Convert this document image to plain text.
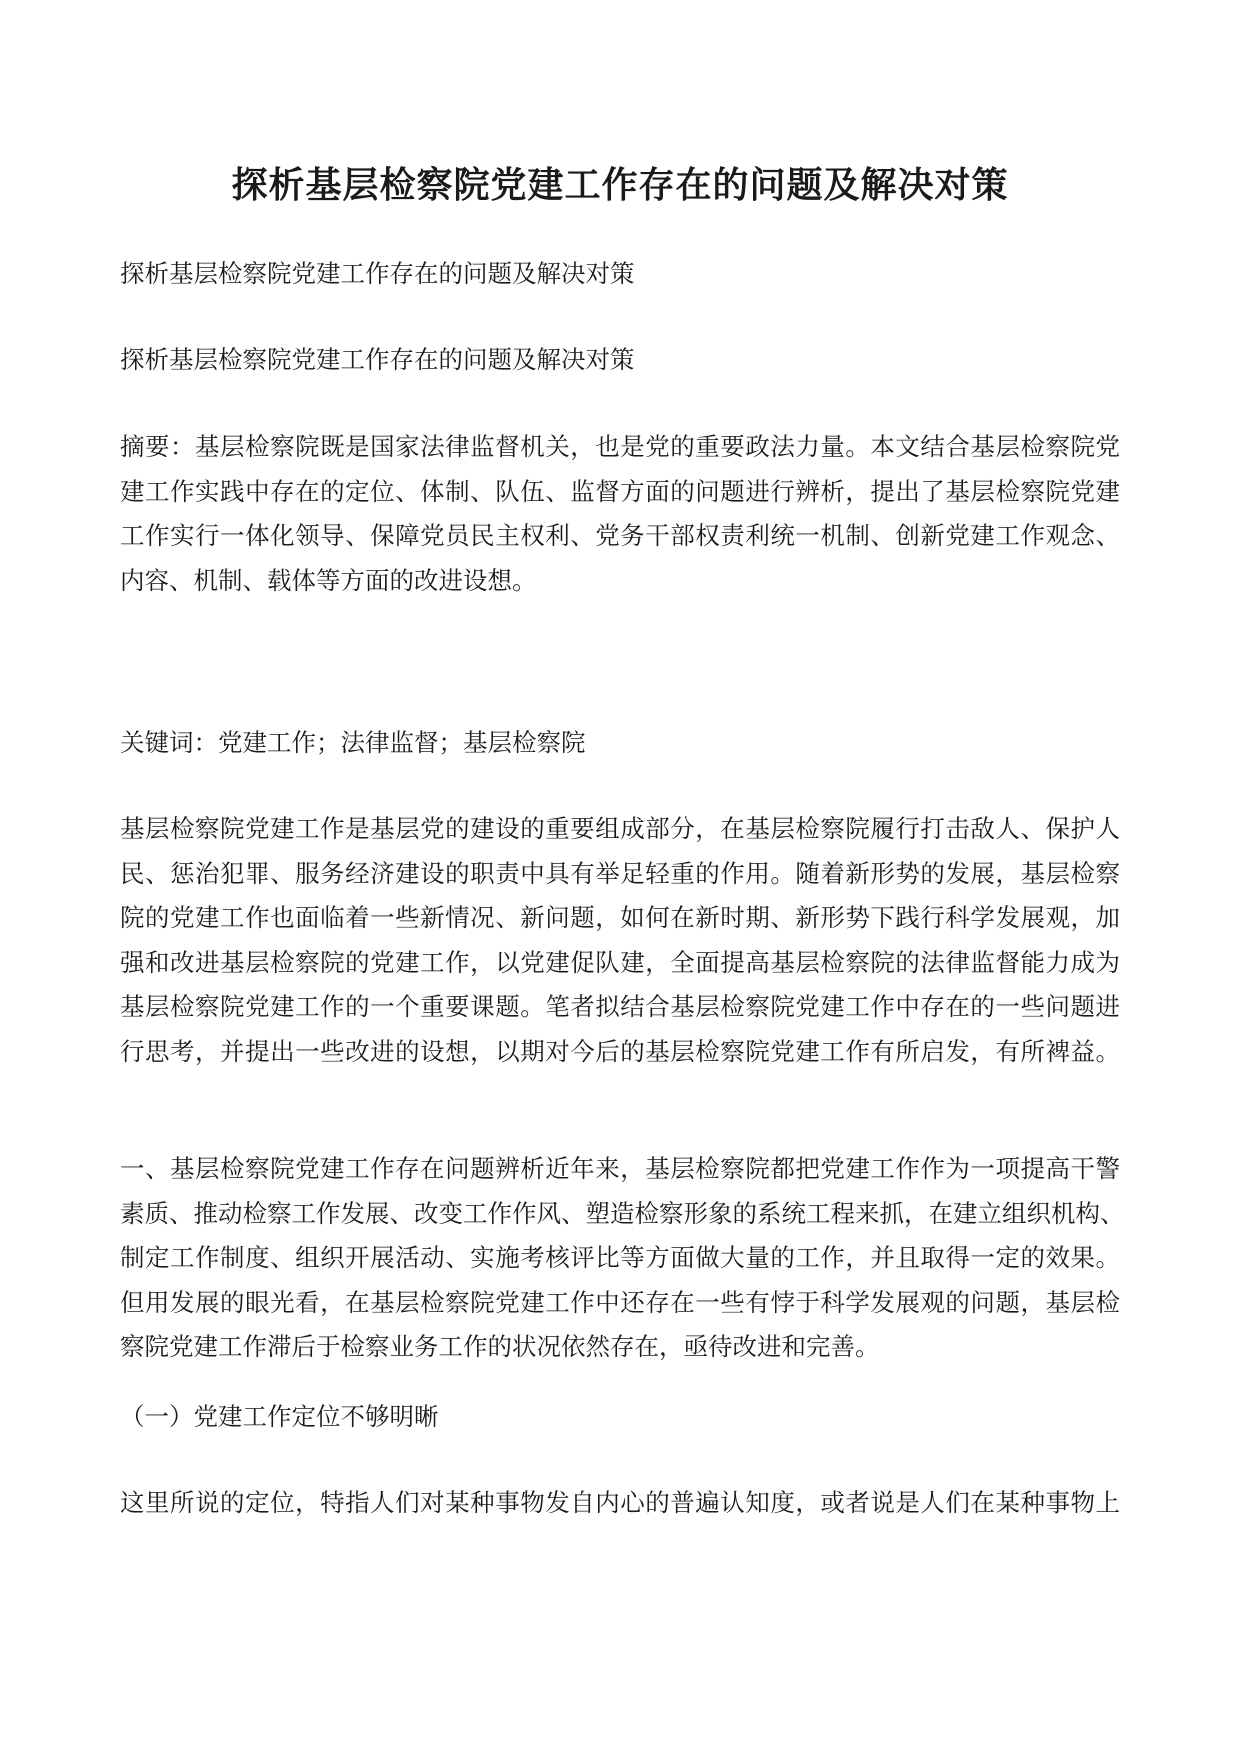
探析基层检察院党建工作存在的问题及解决对策

探析基层检察院党建工作存在的问题及解决对策

探析基层检察院党建工作存在的问题及解决对策

摘要：基层检察院既是国家法律监督机关，也是党的重要政法力量。本文结合基层检察院党
建工作实践中存在的定位、体制、队伍、监督方面的问题进行辨析，提出了基层检察院党建
工作实行一体化领导、保障党员民主权利、党务干部权责利统一机制、创新党建工作观念、
内容、机制、载体等方面的改进设想。

关键词：党建工作；法律监督；基层检察院

基层检察院党建工作是基层党的建设的重要组成部分，在基层检察院履行打击敌人、保护人
民、惩治犯罪、服务经济建设的职责中具有举足轻重的作用。随着新形势的发展，基层检察
院的党建工作也面临着一些新情况、新问题，如何在新时期、新形势下践行科学发展观，加
强和改进基层检察院的党建工作，以党建促队建，全面提高基层检察院的法律监督能力成为
基层检察院党建工作的一个重要课题。笔者拟结合基层检察院党建工作中存在的一些问题进
行思考，并提出一些改进的设想，以期对今后的基层检察院党建工作有所启发，有所裨益。

一、基层检察院党建工作存在问题辨析近年来，基层检察院都把党建工作作为一项提高干警
素质、推动检察工作发展、改变工作作风、塑造检察形象的系统工程来抓，在建立组织机构、
制定工作制度、组织开展活动、实施考核评比等方面做大量的工作，并且取得一定的效果。
但用发展的眼光看，在基层检察院党建工作中还存在一些有悖于科学发展观的问题，基层检
察院党建工作滞后于检察业务工作的状况依然存在，亟待改进和完善。

（一）党建工作定位不够明晰

这里所说的定位，特指人们对某种事物发自内心的普遍认知度，或者说是人们在某种事物上
